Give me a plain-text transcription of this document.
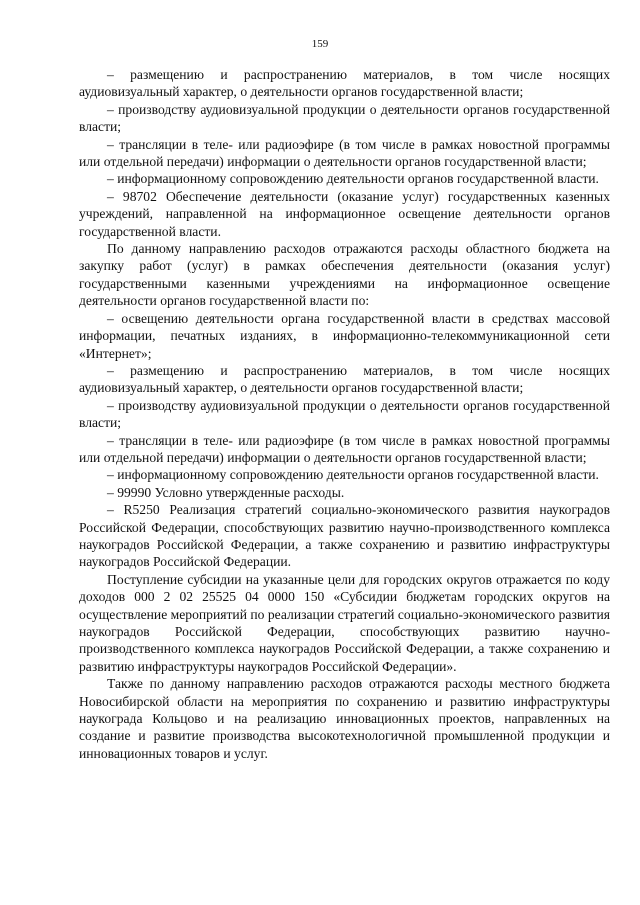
159

– размещению и распространению материалов, в том числе носящих аудиовизуальный характер, о деятельности органов государственной власти;

– производству аудиовизуальной продукции о деятельности органов государственной власти;

– трансляции в теле- или радиоэфире (в том числе в рамках новостной программы или отдельной передачи) информации о деятельности органов государственной власти;

– информационному сопровождению деятельности органов государственной власти.

– 98702 Обеспечение деятельности (оказание услуг) государственных казенных учреждений, направленной на информационное освещение деятельности органов государственной власти.

По данному направлению расходов отражаются расходы областного бюджета на закупку работ (услуг) в рамках обеспечения деятельности (оказания услуг) государственными казенными учреждениями на информационное освещение деятельности органов государственной власти по:

– освещению деятельности органа государственной власти в средствах массовой информации, печатных изданиях, в информационно-телекоммуникационной сети «Интернет»;

– размещению и распространению материалов, в том числе носящих аудиовизуальный характер, о деятельности органов государственной власти;

– производству аудиовизуальной продукции о деятельности органов государственной власти;

– трансляции в теле- или радиоэфире (в том числе в рамках новостной программы или отдельной передачи) информации о деятельности органов государственной власти;

– информационному сопровождению деятельности органов государственной власти.

– 99990 Условно утвержденные расходы.

– R5250 Реализация стратегий социально-экономического развития наукоградов Российской Федерации, способствующих развитию научно-производственного комплекса наукоградов Российской Федерации, а также сохранению и развитию инфраструктуры наукоградов Российской Федерации.

Поступление субсидии на указанные цели для городских округов отражается по коду доходов 000 2 02 25525 04 0000 150 «Субсидии бюджетам городских округов на осуществление мероприятий по реализации стратегий социально-экономического развития наукоградов Российской Федерации, способствующих развитию научно-производственного комплекса наукоградов Российской Федерации, а также сохранению и развитию инфраструктуры наукоградов Российской Федерации».

Также по данному направлению расходов отражаются расходы местного бюджета Новосибирской области на мероприятия по сохранению и развитию инфраструктуры наукограда Кольцово и на реализацию инновационных проектов, направленных на создание и развитие производства высокотехнологичной промышленной продукции и инновационных товаров и услуг.
